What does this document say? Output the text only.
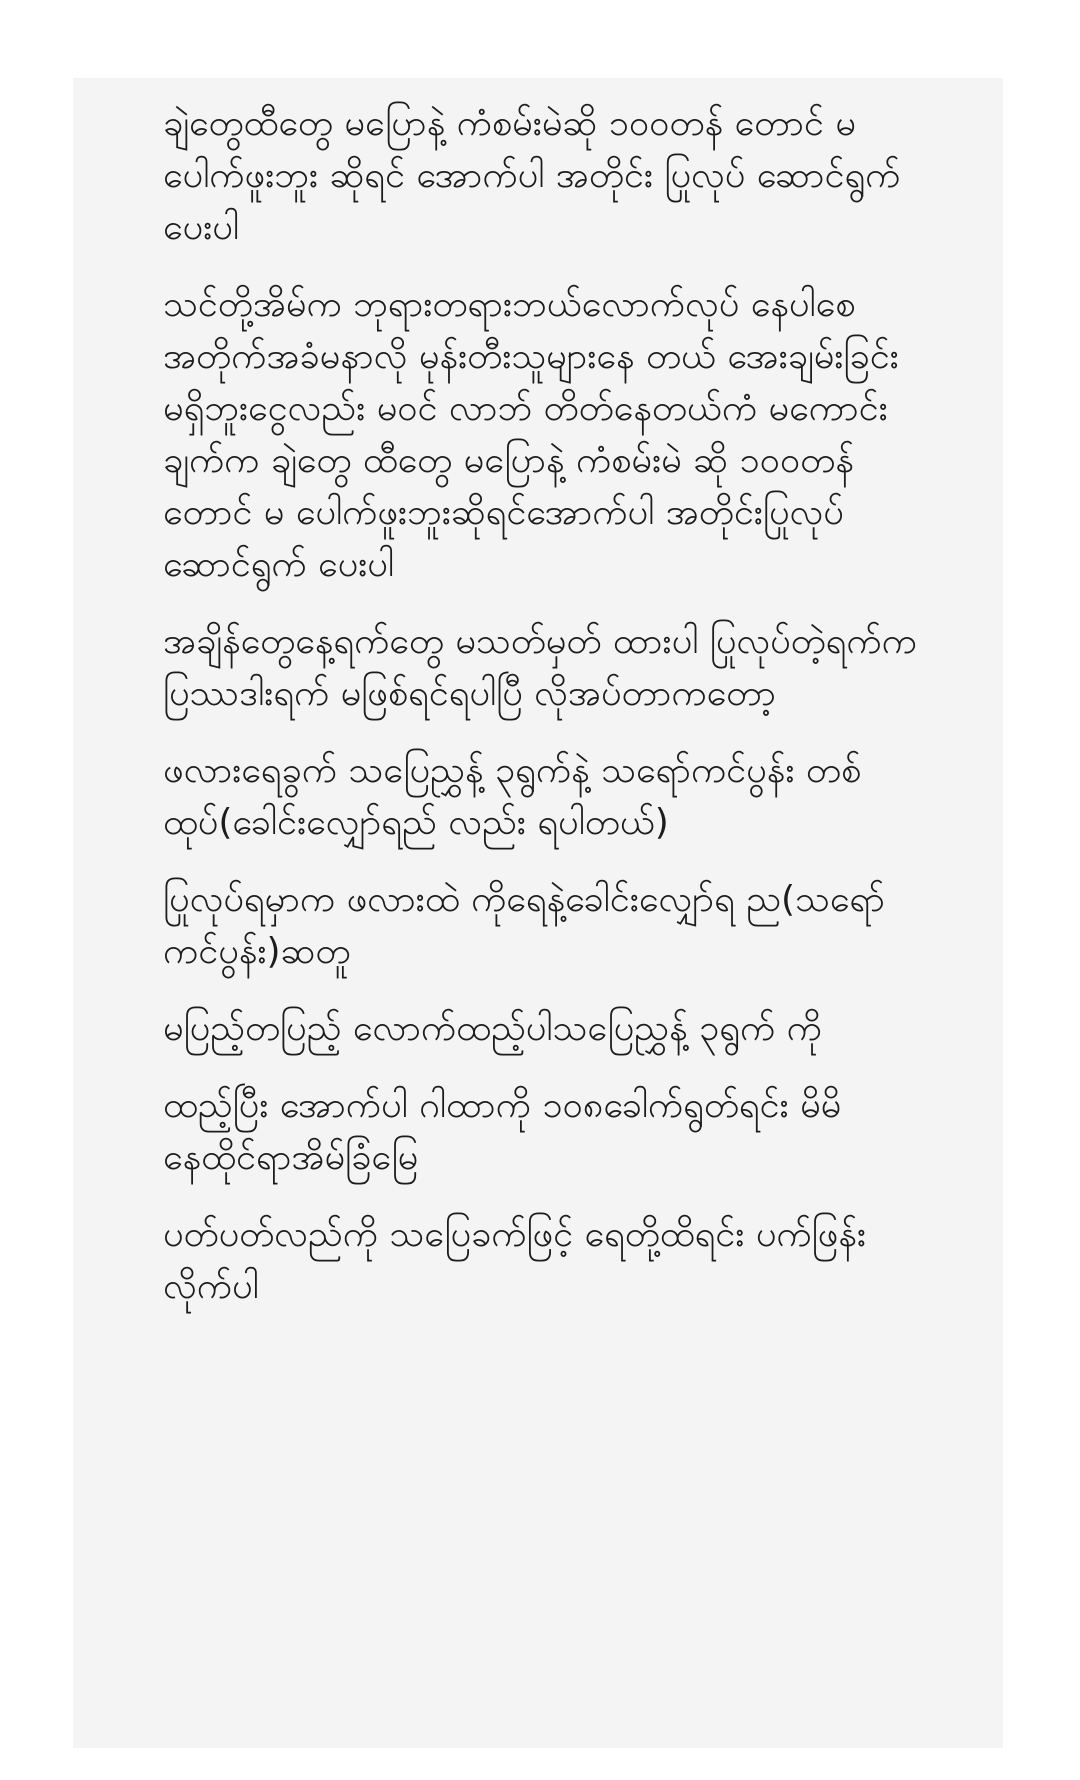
ချဲတွေထီတွေ မပြောနဲ့ ကံစမ်းမဲဆို ၁၀၀တန် တောင် မပေါက်ဖူးဘူး ဆိုရင် အောက်ပါ အတိုင်း ပြုလုပ် ဆောင်ရွက် ပေးပါ

သင်တို့အိမ်က ဘုရားတရားဘယ်လောက်လုပ် နေပါစေ အတိုက်အခံမနာလို မုန်းတီးသူများနေ တယ် အေးချမ်းခြင်း မရှိဘူးငွေလည်း မဝင် လာဘ် တိတ်နေတယ်ကံ မကောင်းချက်က ချဲတွေ ထီတွေ မပြောနဲ့ ကံစမ်းမဲ ဆို ၁၀၀တန်တောင် မ ပေါက်ဖူးဘူးဆိုရင်အောက်ပါ အတိုင်းပြုလုပ် ဆောင်ရွက် ပေးပါ

အချိန်တွေနေ့ရက်တွေ မသတ်မှတ် ထားပါ ပြုလုပ်တဲ့ရက်က ပြဿဒါးရက် မဖြစ်ရင်ရပါပြီ လိုအပ်တာကတော့

ဖလားရေခွက် သပြေညွှန့် ၃ရွက်နဲ့ သရော်ကင်ပွန်း တစ်ထုပ်(ခေါင်းလျှော်ရည် လည်း ရပါတယ်)

ပြုလုပ်ရမှာက ဖလားထဲ ကိုရေနဲ့ခေါင်းလျှော်ရ ည(သရော်ကင်ပွန်း)ဆတူ

မပြည့်တပြည့် လောက်ထည့်ပါသပြေညွှန့် ၃ရွက် ကို

ထည့်ပြီး အောက်ပါ ဂါထာကို ၁၀၈ခေါက်ရွတ်ရင်း မိမိနေထိုင်ရာအိမ်ခြံမြေ

ပတ်ပတ်လည်ကို သပြေခက်ဖြင့် ရေတို့ထိရင်း ပက်ဖြန်းလိုက်ပါ
